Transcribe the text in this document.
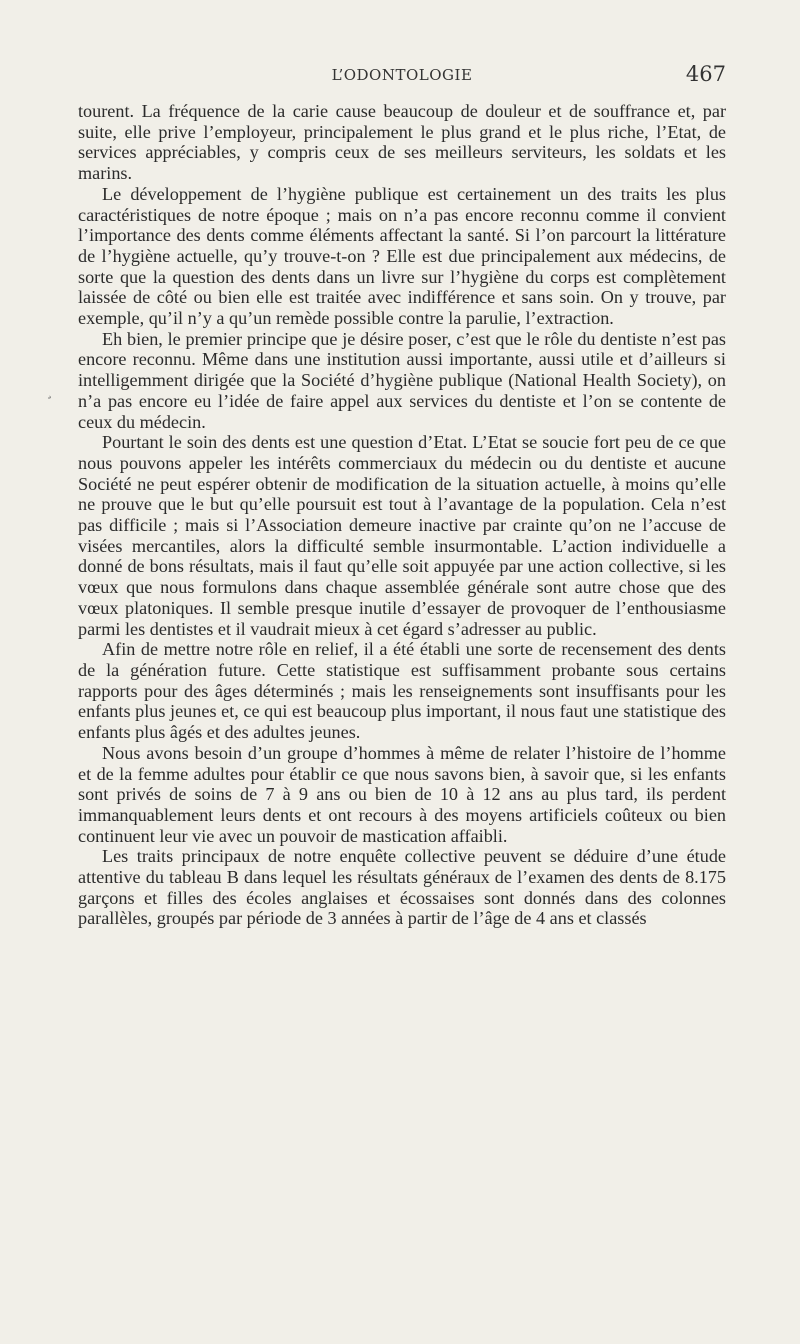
L’ODONTOLOGIE	467
¸

tourent. La fréquence de la carie cause beaucoup de douleur et de souffrance et, par suite, elle prive l’employeur, principalement le plus grand et le plus riche, l’Etat, de services appréciables, y compris ceux de ses meilleurs serviteurs, les soldats et les marins.

Le développement de l’hygiène publique est certainement un des traits les plus caractéristiques de notre époque ; mais on n’a pas encore reconnu comme il convient l’importance des dents comme éléments affectant la santé. Si l’on parcourt la littérature de l’hygiène actuelle, qu’y trouve-t-on ? Elle est due principalement aux médecins, de sorte que la question des dents dans un livre sur l’hygiène du corps est complètement laissée de côté ou bien elle est traitée avec indifférence et sans soin. On y trouve, par exemple, qu’il n’y a qu’un remède possible contre la parulie, l’extraction.

Eh bien, le premier principe que je désire poser, c’est que le rôle du dentiste n’est pas encore reconnu. Même dans une institution aussi importante, aussi utile et d’ailleurs si intelligemment dirigée que la Société d’hygiène publique (National Health Society), on n’a pas encore eu l’idée de faire appel aux services du dentiste et l’on se contente de ceux du médecin.

Pourtant le soin des dents est une question d’Etat. L’Etat se soucie fort peu de ce que nous pouvons appeler les intérêts commerciaux du médecin ou du dentiste et aucune Société ne peut espérer obtenir de modification de la situation actuelle, à moins qu’elle ne prouve que le but qu’elle poursuit est tout à l’avantage de la population. Cela n’est pas difficile ; mais si l’Association demeure inactive par crainte qu’on ne l’accuse de visées mercantiles, alors la difficulté semble insurmontable. L’action individuelle a donné de bons résultats, mais il faut qu’elle soit appuyée par une action collective, si les vœux que nous formulons dans chaque assemblée générale sont autre chose que des vœux platoniques. Il semble presque inutile d’essayer de provoquer de l’enthousiasme parmi les dentistes et il vaudrait mieux à cet égard s’adresser au public.

Afin de mettre notre rôle en relief, il a été établi une sorte de recensement des dents de la génération future. Cette statistique est suffisamment probante sous certains rapports pour des âges déterminés ; mais les renseignements sont insuffisants pour les enfants plus jeunes et, ce qui est beaucoup plus important, il nous faut une statistique des enfants plus âgés et des adultes jeunes.

Nous avons besoin d’un groupe d’hommes à même de relater l’histoire de l’homme et de la femme adultes pour établir ce que nous savons bien, à savoir que, si les enfants sont privés de soins de 7 à 9 ans ou bien de 10 à 12 ans au plus tard, ils perdent immanquablement leurs dents et ont recours à des moyens artificiels coûteux ou bien continuent leur vie avec un pouvoir de mastication affaibli.

Les traits principaux de notre enquête collective peuvent se déduire d’une étude attentive du tableau B dans lequel les résultats généraux de l’examen des dents de 8.175 garçons et filles des écoles anglaises et écossaises sont donnés dans des colonnes parallèles, groupés par période de 3 années à partir de l’âge de 4 ans et classés
